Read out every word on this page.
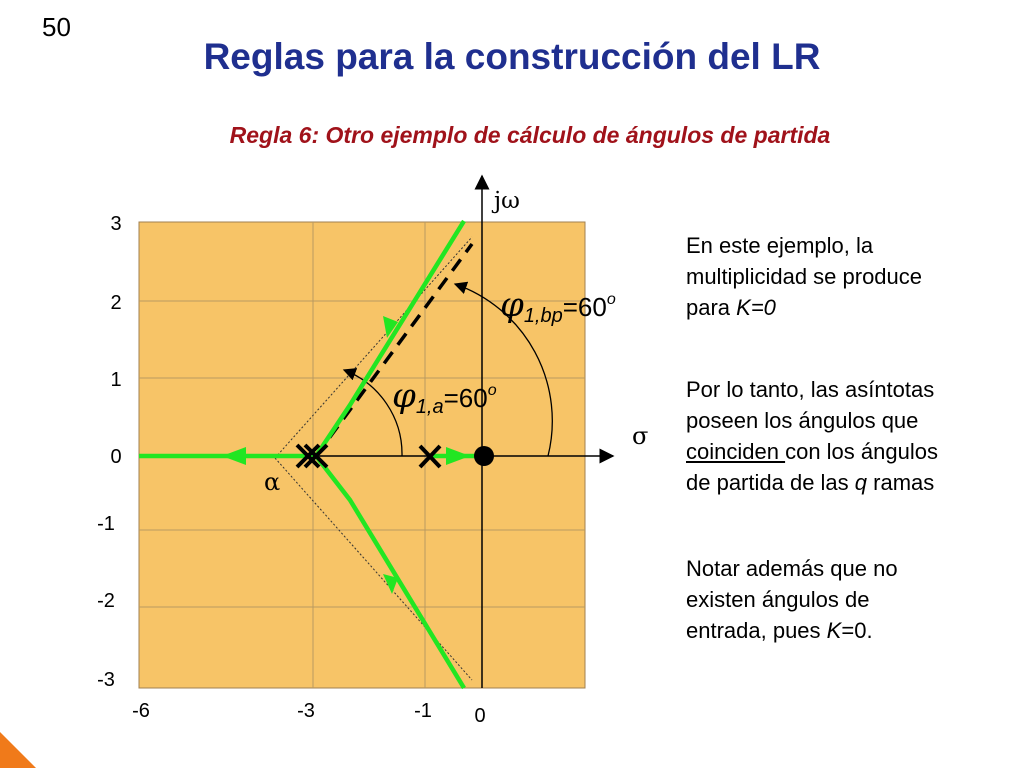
50
Reglas para la construcción del LR
Regla 6: Otro ejemplo de cálculo de ángulos de partida
3
2
1
0
-1
-2
-3
-6	-3	-1 0
jω
σ
α
φ1,bp=60o
φ1,a=60o
En este ejemplo, la
multiplicidad se produce
para K=0
Por lo tanto, las asíntotas
poseen los ángulos que
coinciden con los ángulos
de partida de las q ramas
Notar además que no
existen ángulos de
entrada, pues K=0.
